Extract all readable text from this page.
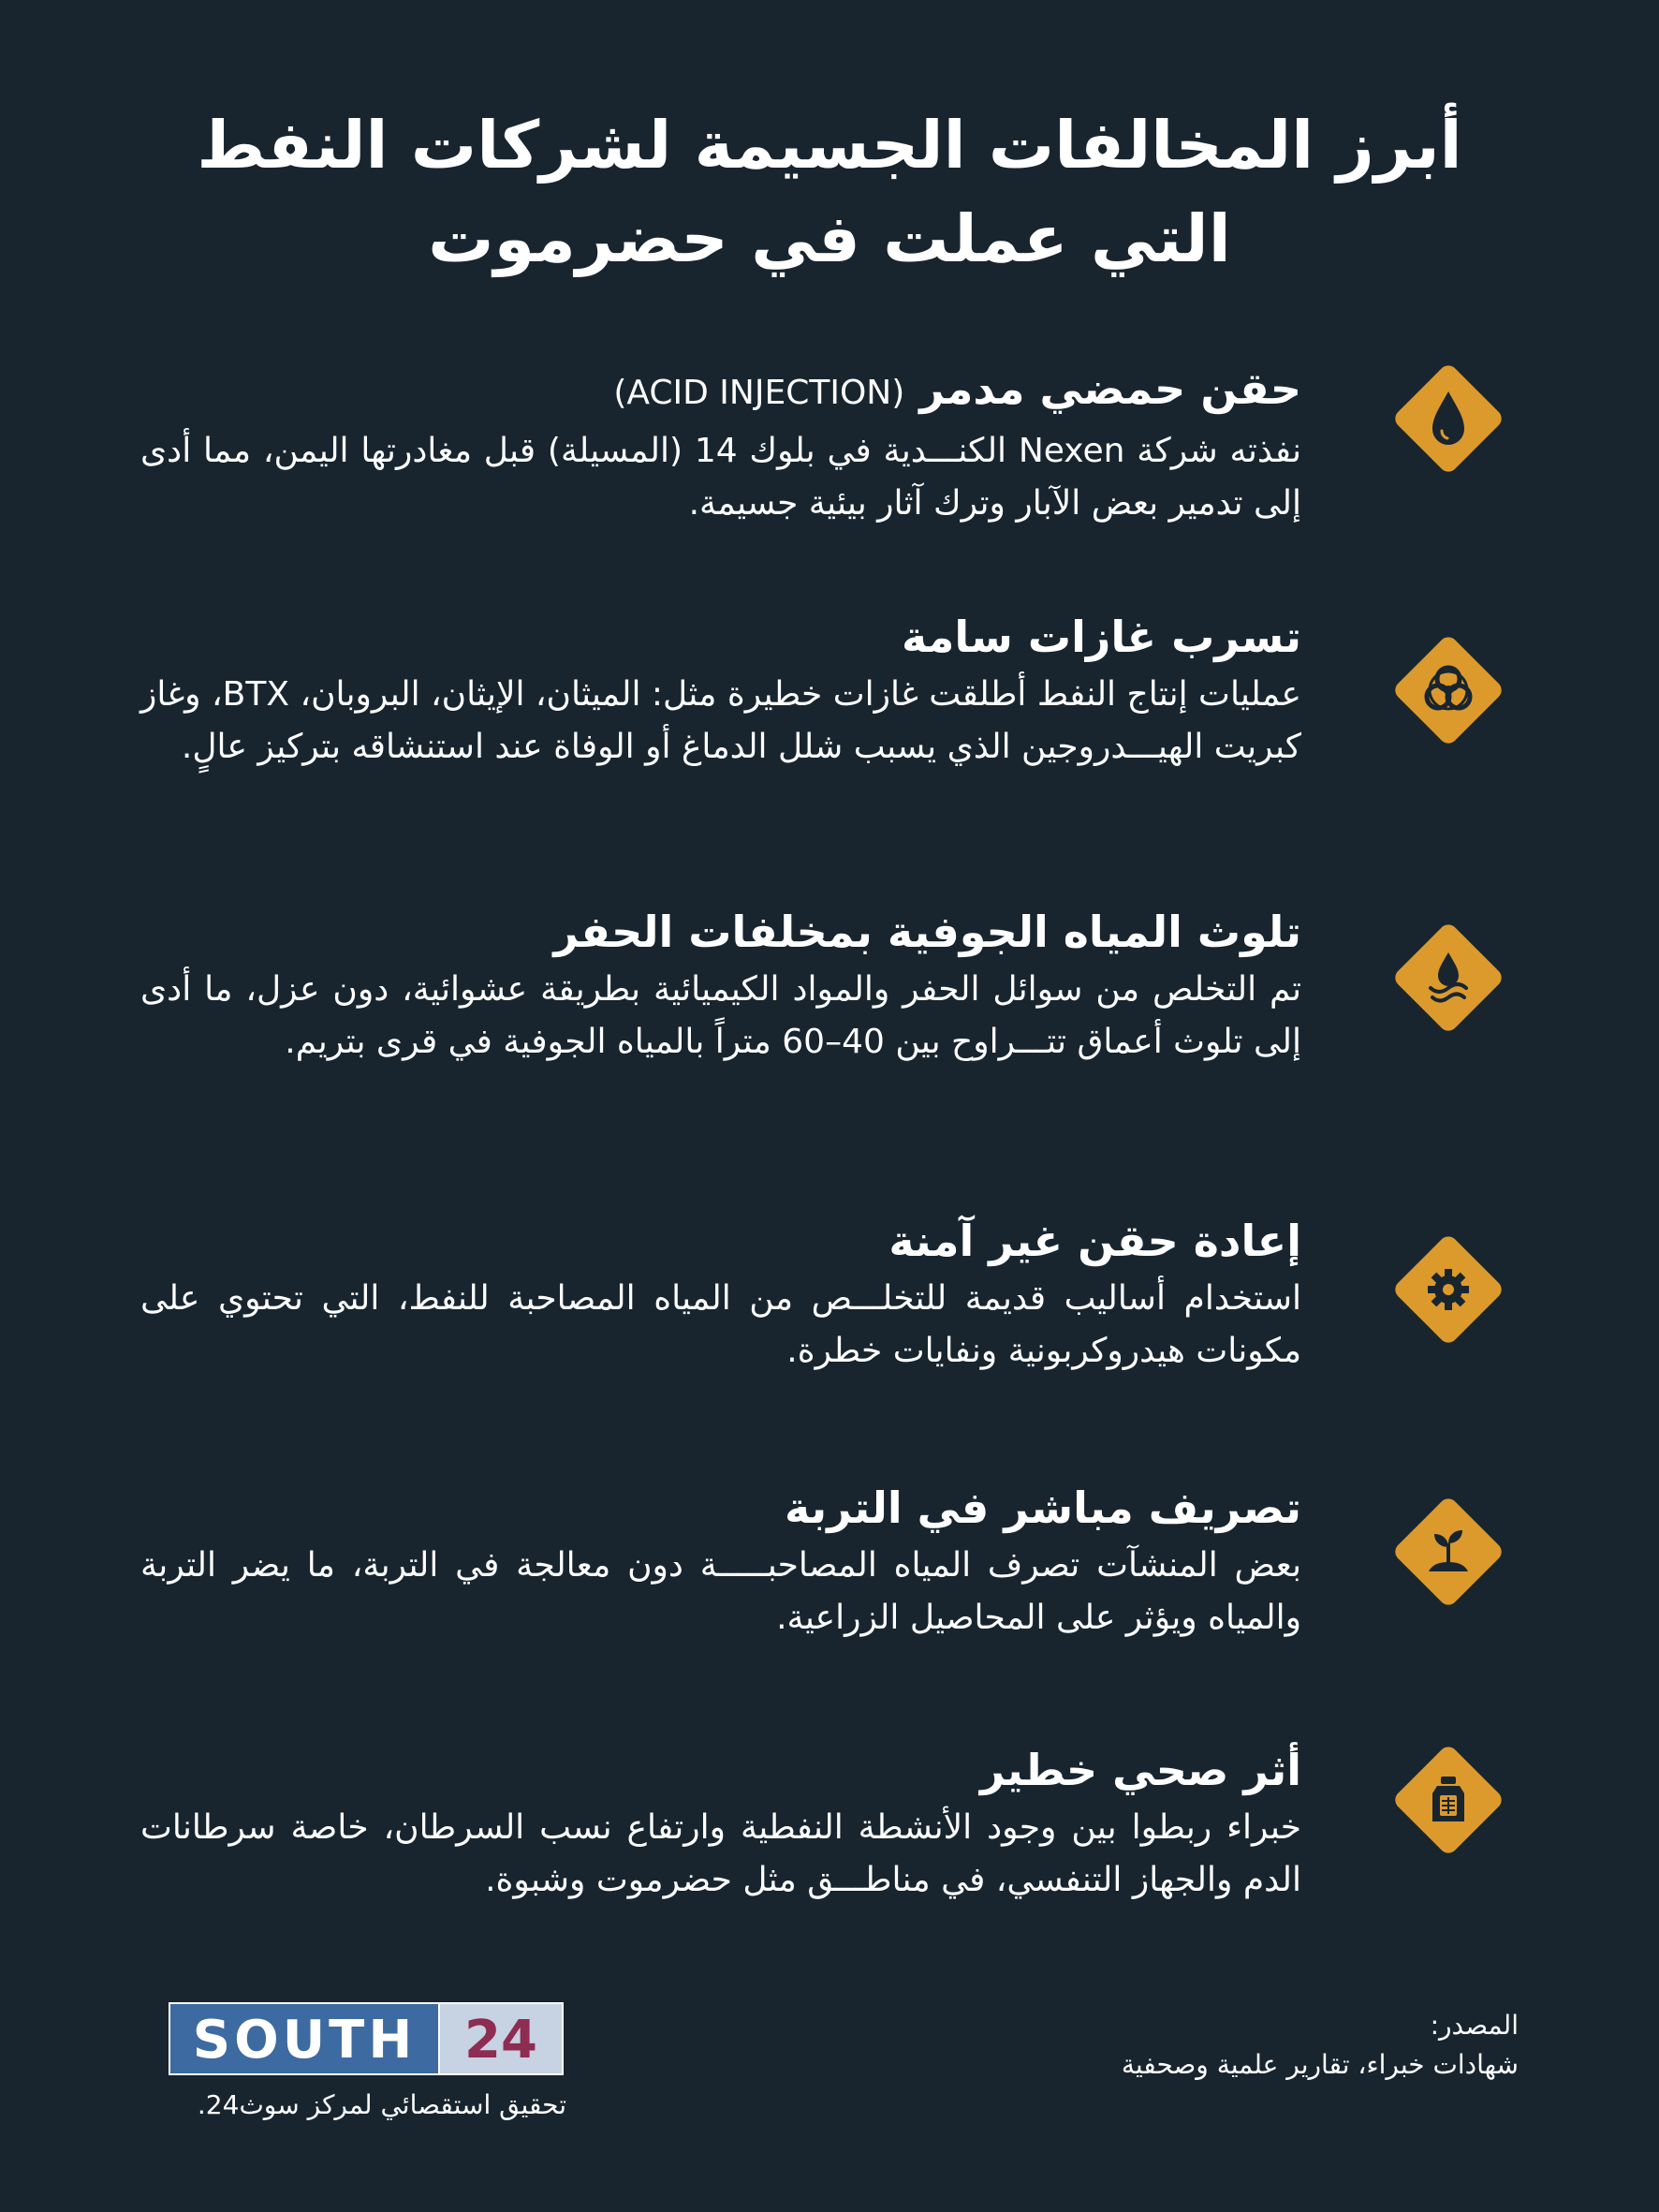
أبرز المخالفات الجسيمة لشركات النفط
التي عملت في حضرموت
حقن حمضي مدمر (ACID INJECTION)

نفذته شركة Nexen الكنـــدية في بلوك 14 (المسيلة) قبل مغادرتها اليمن، مما أدى إلى تدمير بعض الآبار وترك آثار بيئية جسيمة.

تسرب غازات سامة

عمليات إنتاج النفط أطلقت غازات خطيرة مثل: الميثان، الإيثان، البروبان، BTX، وغاز كبريت الهيـــدروجين الذي يسبب شلل الدماغ أو الوفاة عند استنشاقه بتركيز عالٍ.

تلوث المياه الجوفية بمخلفات الحفر

تم التخلص من سوائل الحفر والمواد الكيميائية بطريقة عشوائية، دون عزل، ما أدى إلى تلوث أعماق تتـــراوح بين 40–60 متراً بالمياه الجوفية في قرى بتريم.

إعادة حقن غير آمنة

استخدام أساليب قديمة للتخلـــص من المياه المصاحبة للنفط، التي تحتوي على مكونات هيدروكربونية ونفايات خطرة.

تصريف مباشر في التربة

بعض المنشآت تصرف المياه المصاحبـــــة دون معالجة في التربة، ما يضر التربة والمياه ويؤثر على المحاصيل الزراعية.

أثر صحي خطير

خبراء ربطوا بين وجود الأنشطة النفطية وارتفاع نسب السرطان، خاصة سرطانات الدم والجهاز التنفسي، في مناطـــق مثل حضرموت وشبوة.

المصدر:
شهادات خبراء، تقارير علمية وصحفية
SOUTH 24
تحقيق استقصائي لمركز سوث24.
